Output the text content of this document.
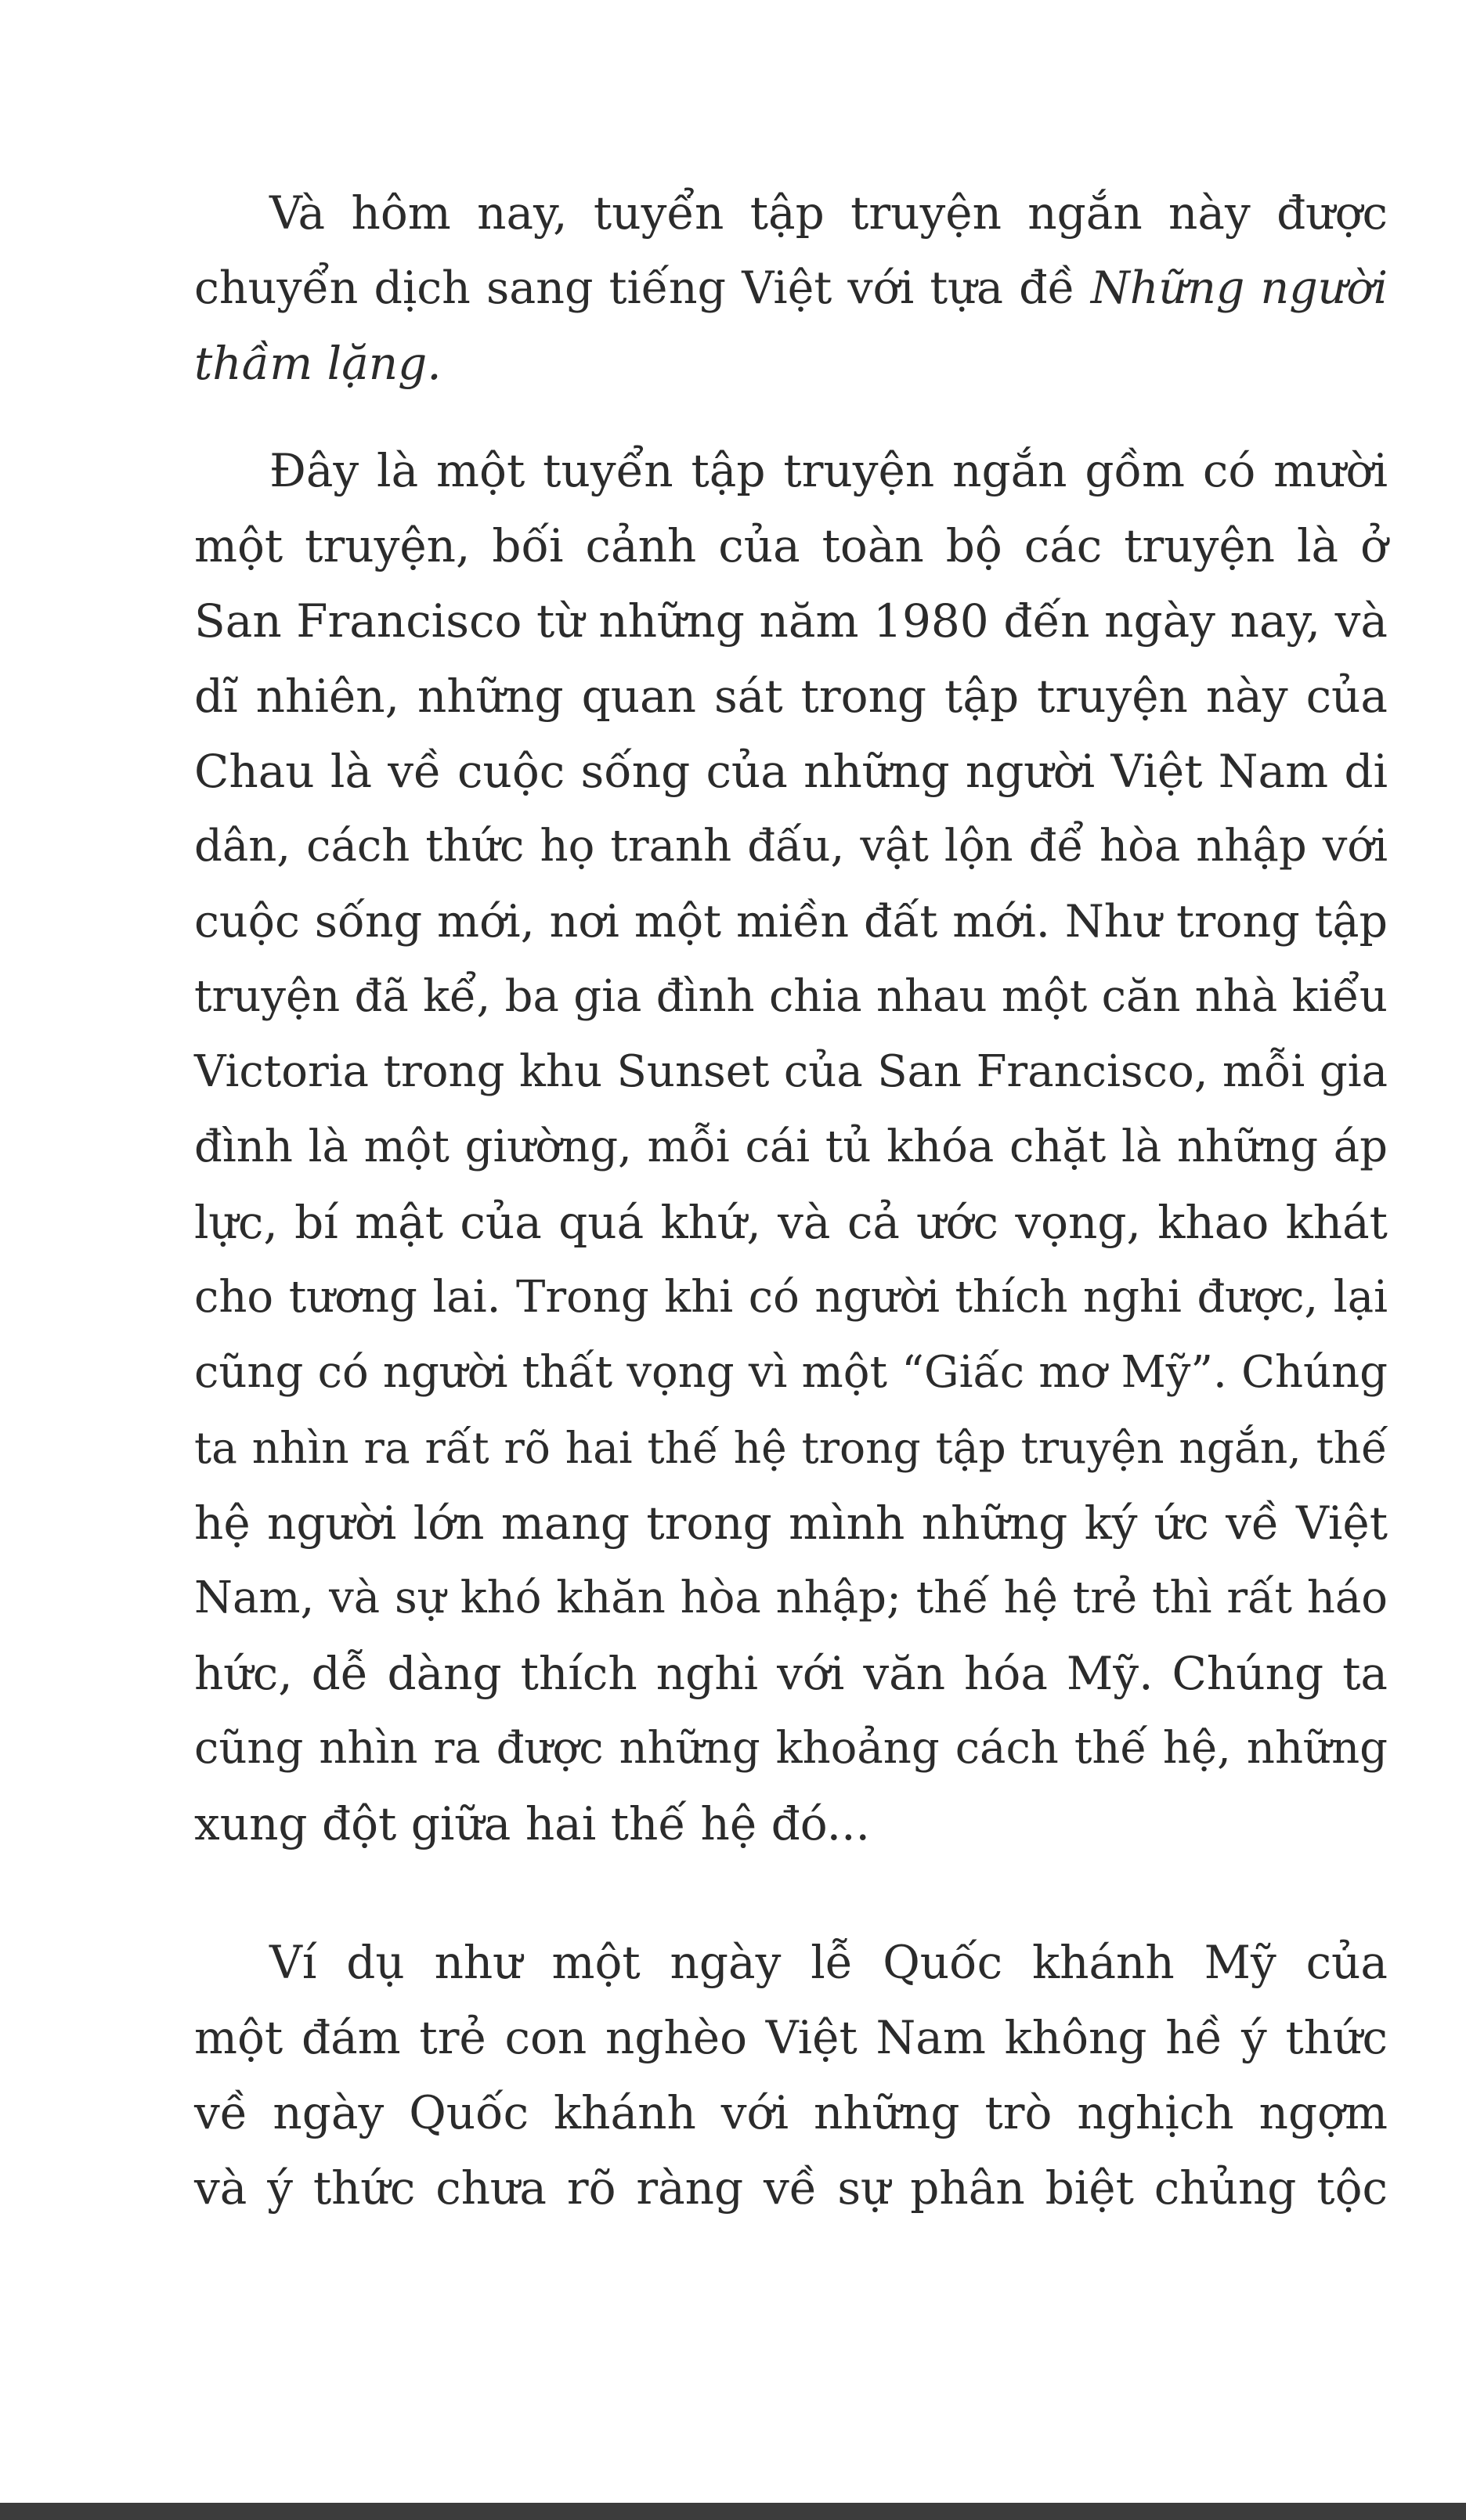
Và hôm nay, tuyển tập truyện ngắn này được
chuyển dịch sang tiếng Việt với tựa đề Những người
thầm lặng.
Đây là một tuyển tập truyện ngắn gồm có mười
một truyện, bối cảnh của toàn bộ các truyện là ở
San Francisco từ những năm 1980 đến ngày nay, và
dĩ nhiên, những quan sát trong tập truyện này của
Chau là về cuộc sống của những người Việt Nam di
dân, cách thức họ tranh đấu, vật lộn để hòa nhập với
cuộc sống mới, nơi một miền đất mới. Như trong tập
truyện đã kể, ba gia đình chia nhau một căn nhà kiểu
Victoria trong khu Sunset của San Francisco, mỗi gia
đình là một giường, mỗi cái tủ khóa chặt là những áp
lực, bí mật của quá khứ, và cả ước vọng, khao khát
cho tương lai. Trong khi có người thích nghi được, lại
cũng có người thất vọng vì một “Giấc mơ Mỹ”. Chúng
ta nhìn ra rất rõ hai thế hệ trong tập truyện ngắn, thế
hệ người lớn mang trong mình những ký ức về Việt
Nam, và sự khó khăn hòa nhập; thế hệ trẻ thì rất háo
hức, dễ dàng thích nghi với văn hóa Mỹ. Chúng ta
cũng nhìn ra được những khoảng cách thế hệ, những
xung đột giữa hai thế hệ đó...
Ví dụ như một ngày lễ Quốc khánh Mỹ của
một đám trẻ con nghèo Việt Nam không hề ý thức
về ngày Quốc khánh với những trò nghịch ngợm
và ý thức chưa rõ ràng về sự phân biệt chủng tộc
